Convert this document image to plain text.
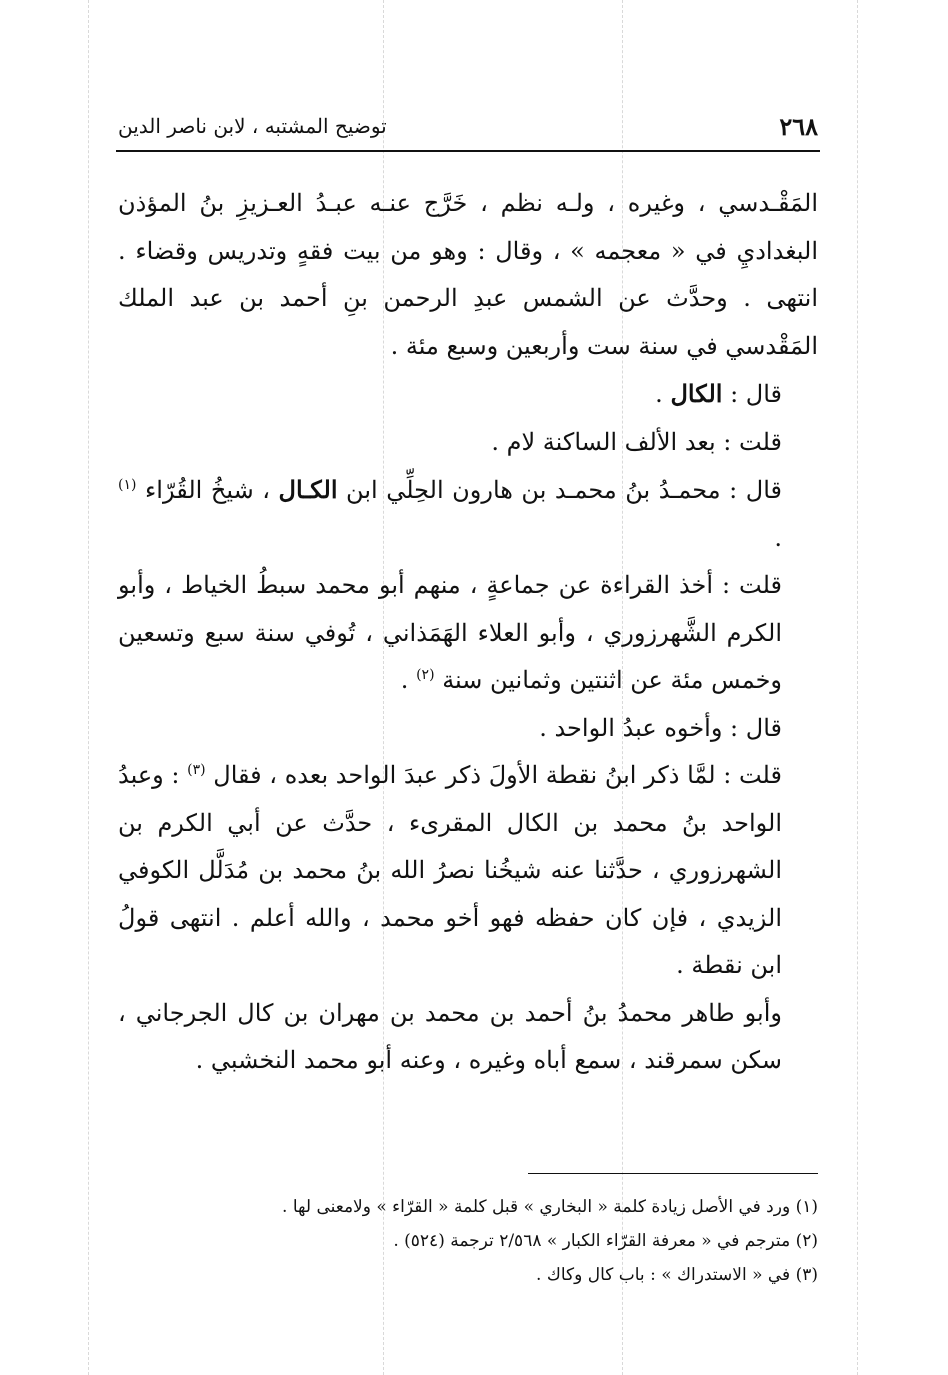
٢٦٨
توضيح المشتبه ، لابن ناصر الدين

المَقْـدسي ، وغيره ، ولـه نظم ، خَرَّج عنـه عبـدُ العـزيزِ بنُ المؤذن البغداديِ في « معجمه » ، وقال : وهو من بيت فقهٍ وتدريس وقضاء . انتهى . وحدَّث عن الشمس عبدِ الرحمن بنِ أحمد بن عبد الملك المَقْدسي في سنة ست وأربعين وسبع مئة .

قال : الكال .

قلت : بعد الألف الساكنة لام .

قال : محمـدُ بنُ محمـد بن هارون الحِلِّي ابن الكـال ، شيخُ القُرّاء $^{(١)}$ .

قلت : أخذ القراءة عن جماعةٍ ، منهم أبو محمد سبطُ الخياط ، وأبو الكرم الشَّهرزوري ، وأبو العلاء الهَمَذاني ، تُوفي سنة سبع وتسعين وخمس مئة عن اثنتين وثمانين سنة $^{(٢)}$ .

قال : وأخوه عبدُ الواحد .

قلت : لمَّا ذكر ابنُ نقطة الأولَ ذكر عبدَ الواحد بعده ، فقال $^{(٣)}$ : وعبدُ الواحد بنُ محمد بن الكال المقرىء ، حدَّث عن أبي الكرم بن الشهرزوري ، حدَّثنا عنه شيخُنا نصرُ الله بنُ محمد بن مُدَلَّل الكوفي الزيدي ، فإن كان حفظه فهو أخو محمد ، والله أعلم . انتهى قولُ ابن نقطة .

وأبو طاهر محمدُ بنُ أحمد بن محمد بن مهران بن كال الجرجاني ، سكن سمرقند ، سمع أباه وغيره ، وعنه أبو محمد النخشبي .

(١) ورد في الأصل زيادة كلمة « البخاري » قبل كلمة « القرّاء » ولامعنى لها .

(٢) مترجم في « معرفة القرّاء الكبار » ٢/٥٦٨ ترجمة (٥٢٤) .

(٣) في « الاستدراك » : باب كال وكاك .
